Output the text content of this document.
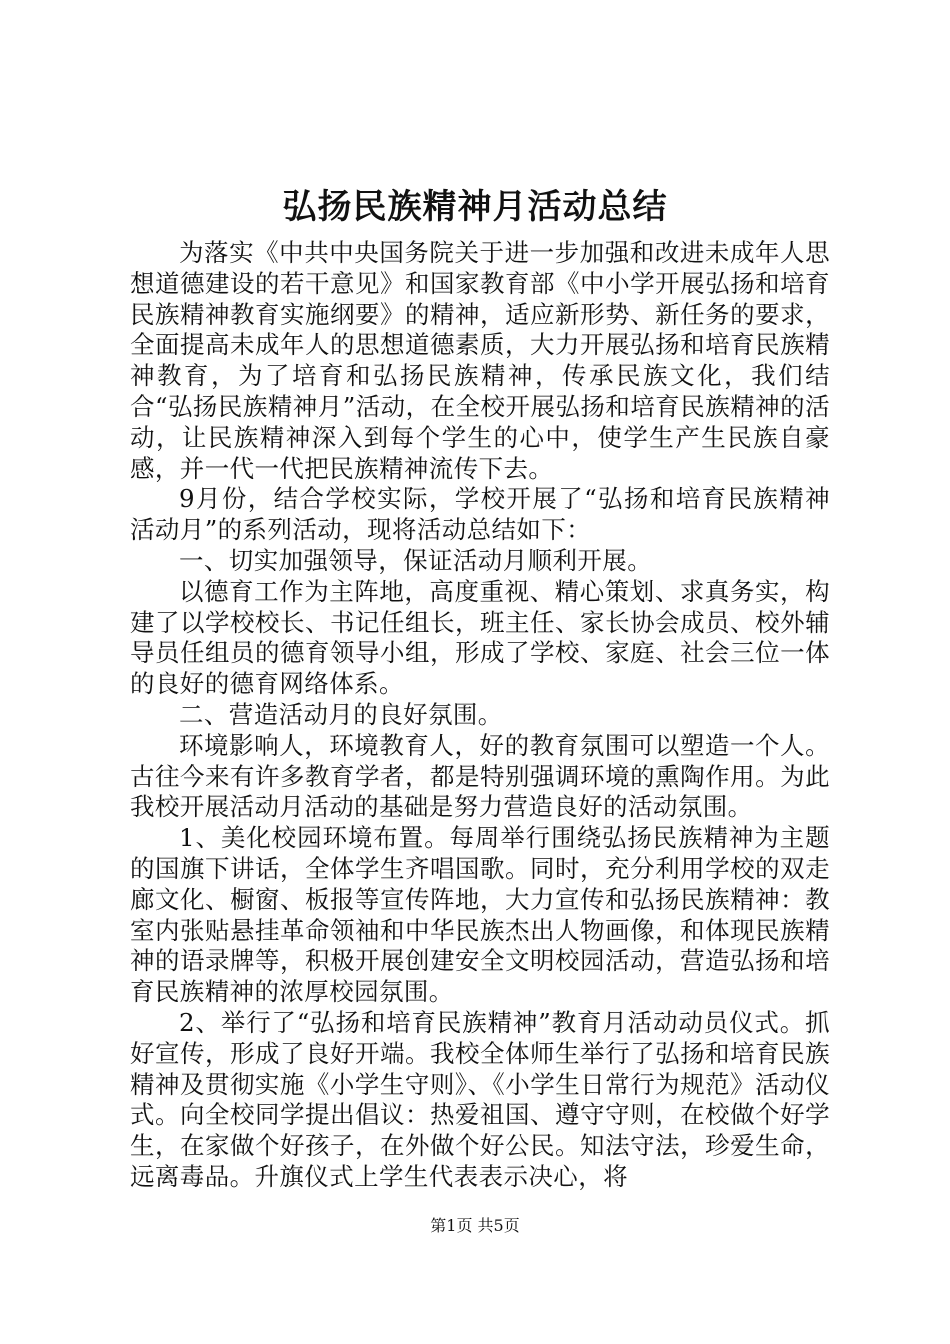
弘扬民族精神月活动总结

为落实《中共中央国务院关于进一步加强和改进未成年人思想道德建设的若干意见》和国家教育部《中小学开展弘扬和培育民族精神教育实施纲要》的精神，适应新形势、新任务的要求，全面提高未成年人的思想道德素质，大力开展弘扬和培育民族精神教育，为了培育和弘扬民族精神，传承民族文化，我们结合“弘扬民族精神月”活动，在全校开展弘扬和培育民族精神的活动，让民族精神深入到每个学生的心中，使学生产生民族自豪感，并一代一代把民族精神流传下去。

9月份，结合学校实际，学校开展了“弘扬和培育民族精神活动月”的系列活动，现将活动总结如下：

一、切实加强领导，保证活动月顺利开展。

以德育工作为主阵地，高度重视、精心策划、求真务实，构建了以学校校长、书记任组长，班主任、家长协会成员、校外辅导员任组员的德育领导小组，形成了学校、家庭、社会三位一体的良好的德育网络体系。

二、营造活动月的良好氛围。

环境影响人，环境教育人，好的教育氛围可以塑造一个人。古往今来有许多教育学者，都是特别强调环境的熏陶作用。为此我校开展活动月活动的基础是努力营造良好的活动氛围。

1、美化校园环境布置。每周举行围绕弘扬民族精神为主题的国旗下讲话，全体学生齐唱国歌。同时，充分利用学校的双走廊文化、橱窗、板报等宣传阵地，大力宣传和弘扬民族精神：教室内张贴悬挂革命领袖和中华民族杰出人物画像，和体现民族精神的语录牌等，积极开展创建安全文明校园活动，营造弘扬和培育民族精神的浓厚校园氛围。

2、举行了“弘扬和培育民族精神”教育月活动动员仪式。抓好宣传，形成了良好开端。我校全体师生举行了弘扬和培育民族精神及贯彻实施《小学生守则》、《小学生日常行为规范》活动仪式。向全校同学提出倡议：热爱祖国、遵守守则，在校做个好学生，在家做个好孩子，在外做个好公民。知法守法，珍爱生命，远离毒品。升旗仪式上学生代表表示决心，将

第1页 共5页
